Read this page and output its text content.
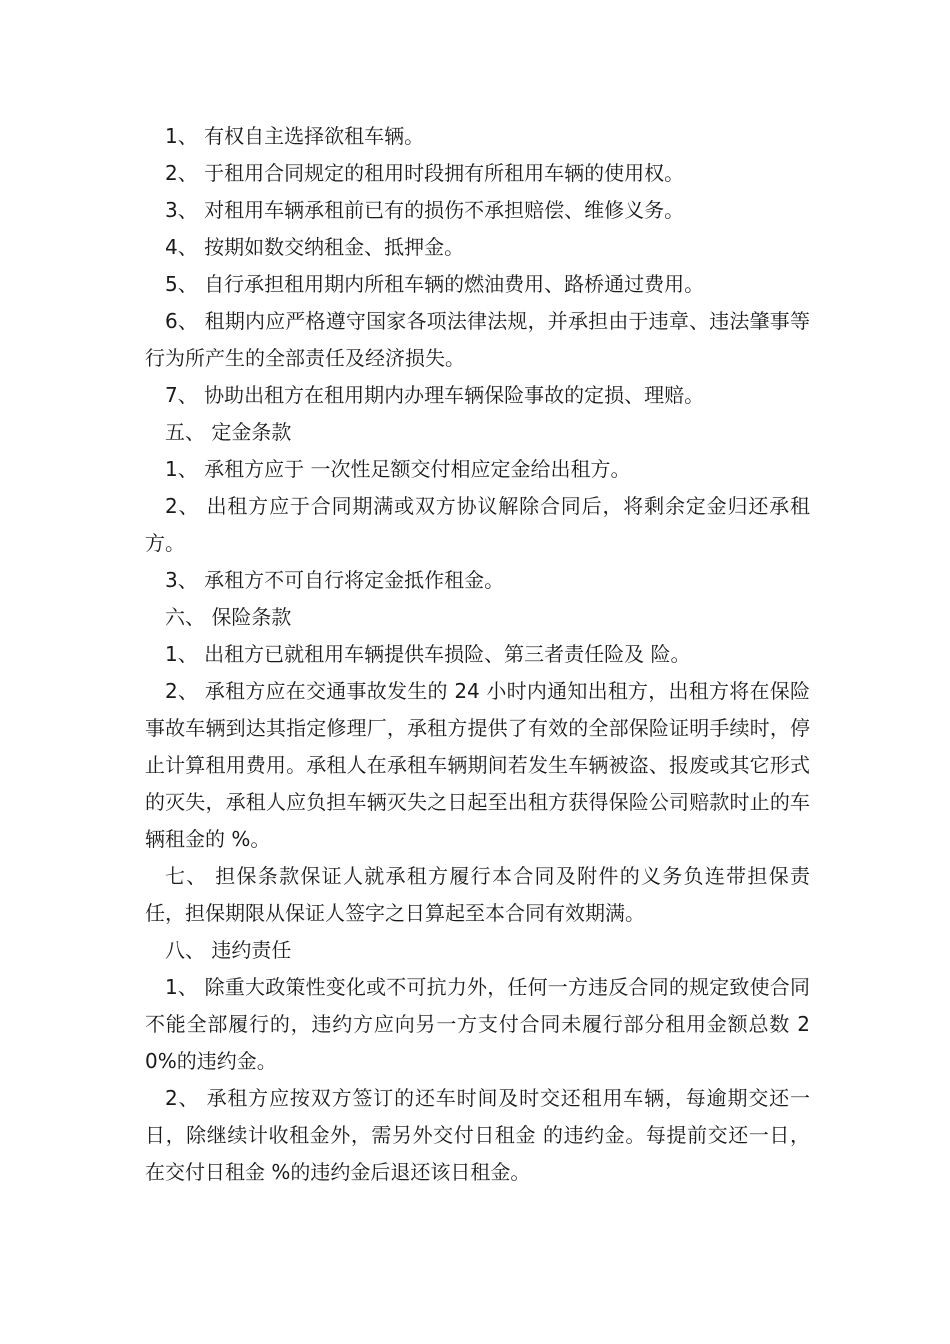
1、 有权自主选择欲租车辆。

2、 于租用合同规定的租用时段拥有所租用车辆的使用权。

3、 对租用车辆承租前已有的损伤不承担赔偿、维修义务。

4、 按期如数交纳租金、抵押金。

5、 自行承担租用期内所租车辆的燃油费用、路桥通过费用。

6、 租期内应严格遵守国家各项法律法规，并承担由于违章、违法肇事等行为所产生的全部责任及经济损失。

7、 协助出租方在租用期内办理车辆保险事故的定损、理赔。

五、 定金条款

1、 承租方应于 一次性足额交付相应定金给出租方。

2、 出租方应于合同期满或双方协议解除合同后，将剩余定金归还承租方。

3、 承租方不可自行将定金抵作租金。

六、 保险条款

1、 出租方已就租用车辆提供车损险、第三者责任险及 险。

2、 承租方应在交通事故发生的 24 小时内通知出租方，出租方将在保险事故车辆到达其指定修理厂，承租方提供了有效的全部保险证明手续时，停止计算租用费用。承租人在承租车辆期间若发生车辆被盗、报废或其它形式的灭失，承租人应负担车辆灭失之日起至出租方获得保险公司赔款时止的车辆租金的 %。

七、 担保条款保证人就承租方履行本合同及附件的义务负连带担保责任，担保期限从保证人签字之日算起至本合同有效期满。

八、 违约责任

1、 除重大政策性变化或不可抗力外，任何一方违反合同的规定致使合同不能全部履行的，违约方应向另一方支付合同未履行部分租用金额总数 20%的违约金。

2、 承租方应按双方签订的还车时间及时交还租用车辆，每逾期交还一日，除继续计收租金外，需另外交付日租金 的违约金。每提前交还一日，在交付日租金 %的违约金后退还该日租金。
